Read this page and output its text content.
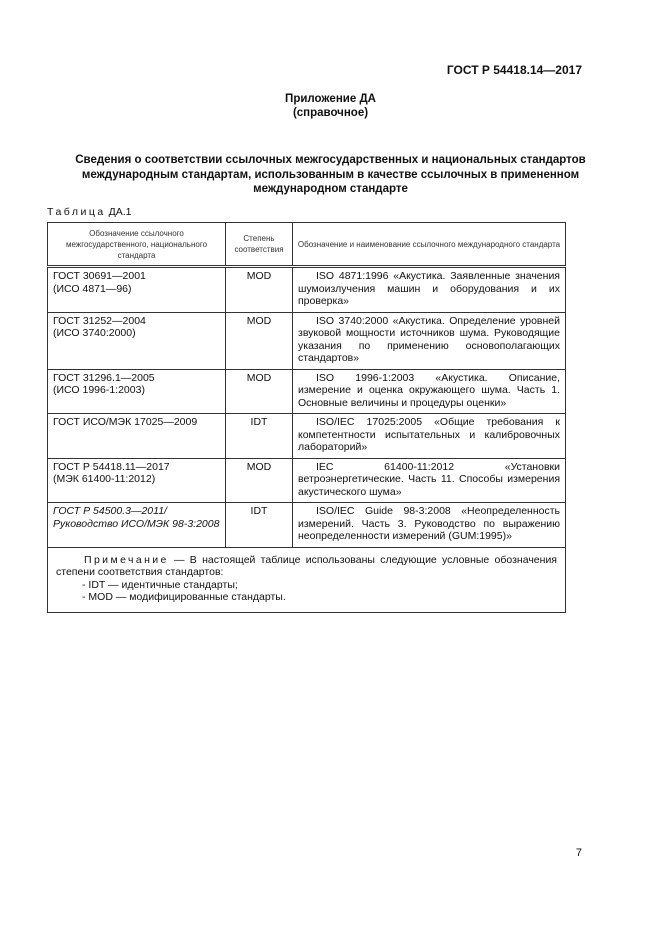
ГОСТ Р 54418.14—2017
Приложение ДА
(справочное)
Сведения о соответствии ссылочных межгосударственных и национальных стандартов
международным стандартам, использованным в качестве ссылочных в примененном
международном стандарте
Таблица ДА.1
Обозначение ссылочного межгосударственного, национального стандарта	Степень соответствия	Обозначение и наименование ссылочного международного стандарта

ГОСТ 30691—2001
(ИСО 4871—96)	MOD	ISO 4871:1996 «Акустика. Заявленные значения шумоизлучения машин и оборудования и их проверка»

ГОСТ 31252—2004
(ИСО 3740:2000)	MOD	ISO 3740:2000 «Акустика. Определение уровней звуковой мощности источников шума. Руководящие указания по применению основополагающих стандартов»

ГОСТ 31296.1—2005
(ИСО 1996-1:2003)	MOD	ISO 1996-1:2003 «Акустика. Описание, измерение и оценка окружающего шума. Часть 1. Основные величины и процедуры оценки»

ГОСТ ИСО/МЭК 17025—2009	IDT	ISO/IEC 17025:2005 «Общие требования к компетентности испытательных и калибровочных лабораторий»

ГОСТ Р 54418.11—2017
(МЭК 61400-11:2012)	MOD	IEC 61400-11:2012 «Установки ветроэнергетические. Часть 11. Способы измерения акустического шума»

ГОСТ Р 54500.3—2011/
Руководство ИСО/МЭК 98-3:2008	IDT	ISO/IEC Guide 98-3:2008 «Неопределенность измерений. Часть 3. Руководство по выражению неопределенности измерений (GUM:1995)»

Примечание — В настоящей таблице использованы следующие условные обозначения степени соответствия стандартов:
- IDT — идентичные стандарты;
- MOD — модифицированные стандарты.		
7
